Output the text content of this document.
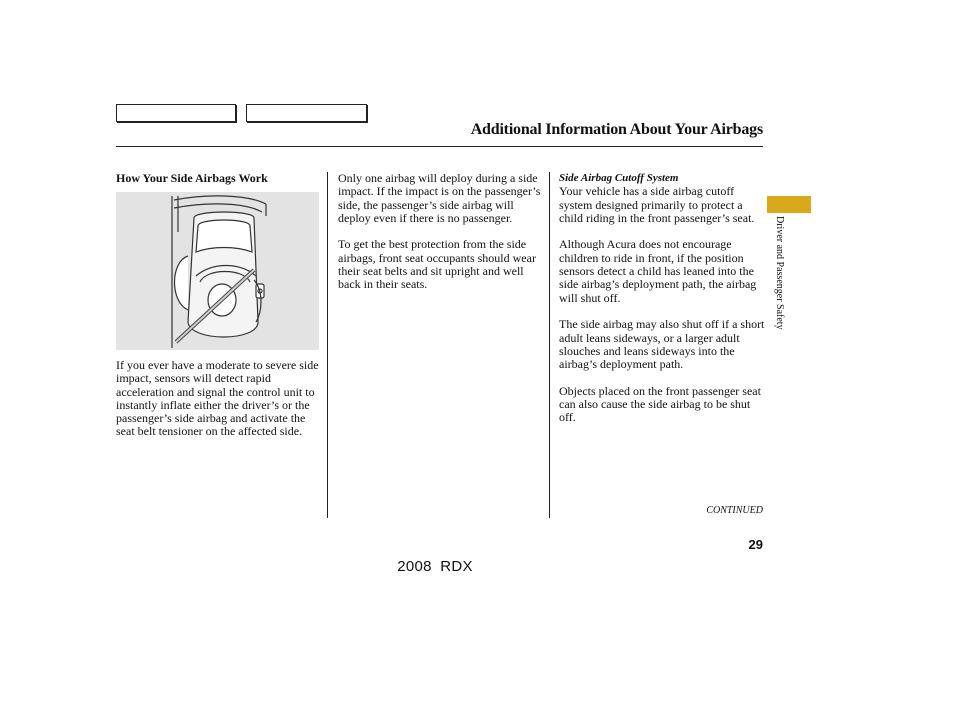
Additional Information About Your Airbags
How Your Side Airbags Work

If you ever have a moderate to severe side impact, sensors will detect rapid acceleration and signal the control unit to instantly inflate either the driver’s or the passenger’s side airbag and activate the seat belt tensioner on the affected side.

Only one airbag will deploy during a side impact. If the impact is on the passenger’s side, the passenger’s side airbag will deploy even if there is no passenger.

To get the best protection from the side airbags, front seat occupants should wear their seat belts and sit upright and well back in their seats.

Side Airbag Cutoff System

Your vehicle has a side airbag cutoff system designed primarily to protect a child riding in the front passenger’s seat.

Although Acura does not encourage children to ride in front, if the position sensors detect a child has leaned into the side airbag’s deployment path, the airbag will shut off.

The side airbag may also shut off if a short adult leans sideways, or a larger adult slouches and leans sideways into the airbag’s deployment path.

Objects placed on the front passenger seat can also cause the side airbag to be shut off.

Driver and Passenger Safety
CONTINUED
29
2008 RDX
